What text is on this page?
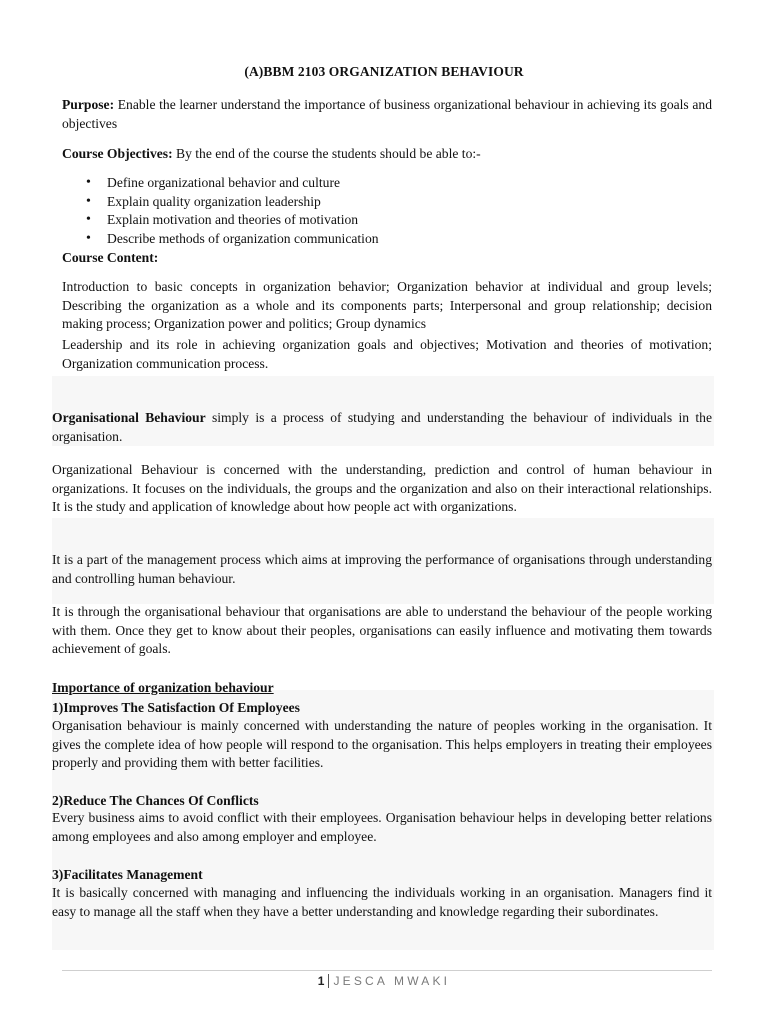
(A)BBM 2103 ORGANIZATION BEHAVIOUR
Purpose: Enable the learner understand the importance of business organizational behaviour in achieving its goals and objectives
Course Objectives: By the end of the course the students should be able to:-
• Define organizational behavior and culture
• Explain quality organization leadership
• Explain motivation and theories of motivation
• Describe methods of organization communication
Course Content:
Introduction to basic concepts in organization behavior; Organization behavior at individual and group levels; Describing the organization as a whole and its components parts; Interpersonal and group relationship; decision making process; Organization power and politics; Group dynamics
Leadership and its role in achieving organization goals and objectives; Motivation and theories of motivation; Organization communication process.
Organisational Behaviour simply is a process of studying and understanding the behaviour of individuals in the organisation.
Organizational Behaviour is concerned with the understanding, prediction and control of human behaviour in organizations. It focuses on the individuals, the groups and the organization and also on their interactional relationships. It is the study and application of knowledge about how people act with organizations.
It is a part of the management process which aims at improving the performance of organisations through understanding and controlling human behaviour.
It is through the organisational behaviour that organisations are able to understand the behaviour of the people working with them. Once they get to know about their peoples, organisations can easily influence and motivating them towards achievement of goals.
Importance of organization behaviour
1)Improves The Satisfaction Of Employees
Organisation behaviour is mainly concerned with understanding the nature of peoples working in the organisation. It gives the complete idea of how people will respond to the organisation. This helps employers in treating their employees properly and providing them with better facilities.
2)Reduce The Chances Of Conflicts
Every business aims to avoid conflict with their employees. Organisation behaviour helps in developing better relations among employees and also among employer and employee.
3)Facilitates Management
It is basically concerned with managing and influencing the individuals working in an organisation. Managers find it easy to manage all the staff when they have a better understanding and knowledge regarding their subordinates.
1 JESCA MWAKI
